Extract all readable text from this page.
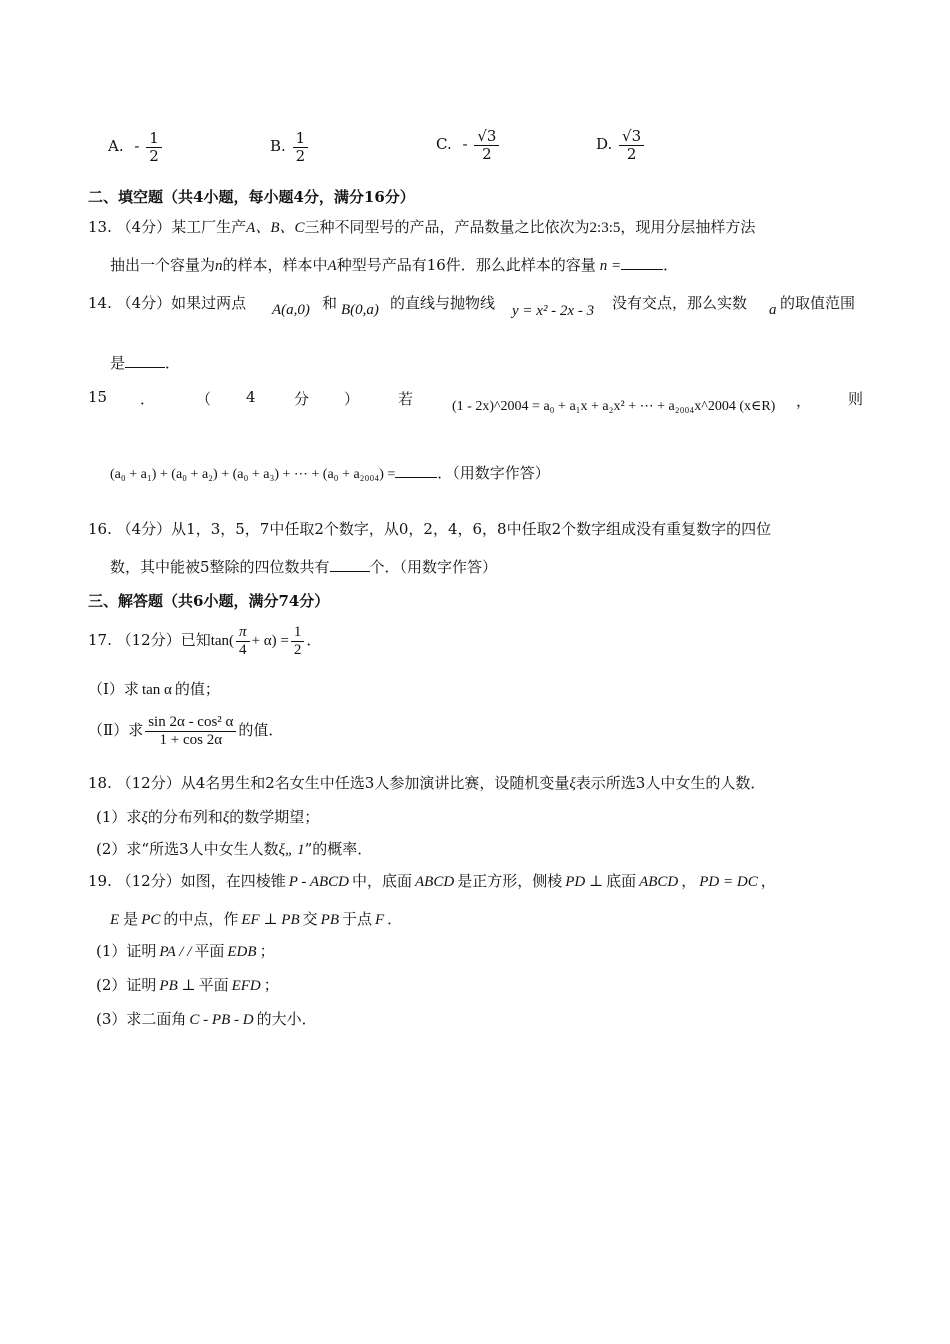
A. - $\frac{1}{2}$	B. $\frac{1}{2}$	C. - $\frac{√3}{2}$	D. $\frac{√3}{2}$
二、填空题（共4小题，每小题4分，满分16分）
13. （4分）某工厂生产A、B、C三种不同型号的产品，产品数量之比依次为2:3:5，现用分层抽样方法
抽出一个容量为n的样本，样本中A种型号产品有16件．那么此样本的容量 n =	．
14. （4分）如果过两点 A(a,0) 和 B(0,a) 的直线与抛物线 y = x² - 2x - 3 没有交点，那么实数 a 的取值范围
是	．
15 ．	（ 4	分 ）	若	(1 - 2x)^2004 = a₀ + a₁x + a₂x² + ⋯ + a₂₀₀₄x^2004 (x∈R) ， 则
(a₀ + a₁) + (a₀ + a₂) + (a₀ + a₃) + ⋯ + (a₀ + a₂₀₀₄) =	．（用数字作答）
16. （4分）从1，3，5，7中任取2个数字，从0，2，4，6，8中任取2个数字组成没有重复数字的四位
数，其中能被5整除的四位数共有	个．（用数字作答）
三、解答题（共6小题，满分74分）
17. （12分）已知$\tan( \frac{\pi}{4} + \alpha) = \frac{1}{2}$ ．
（Ⅰ）求 tan α 的值；
（Ⅱ）求 $\frac{\text{sin 2α - cos² α}}{1 + \cos 2\alpha}$ 的值．
18. （12分）从4名男生和2名女生中任选3人参加演讲比赛，设随机变量ξ表示所选3人中女生的人数．
(1）求ξ的分布列和ξ的数学期望；
(2）求“所选3人中女生人数ξ„ 1”的概率．
19. （12分）如图，在四棱锥 P - ABCD 中，底面 ABCD 是正方形，侧棱 PD ⊥ 底面 ABCD ， PD = DC ，
E 是 PC 的中点，作 EF ⊥ PB 交 PB 于点 F ．
(1）证明 PA / / 平面 EDB ；
(2）证明 PB ⊥ 平面 EFD ；
(3）求二面角 C - PB - D 的大小．
